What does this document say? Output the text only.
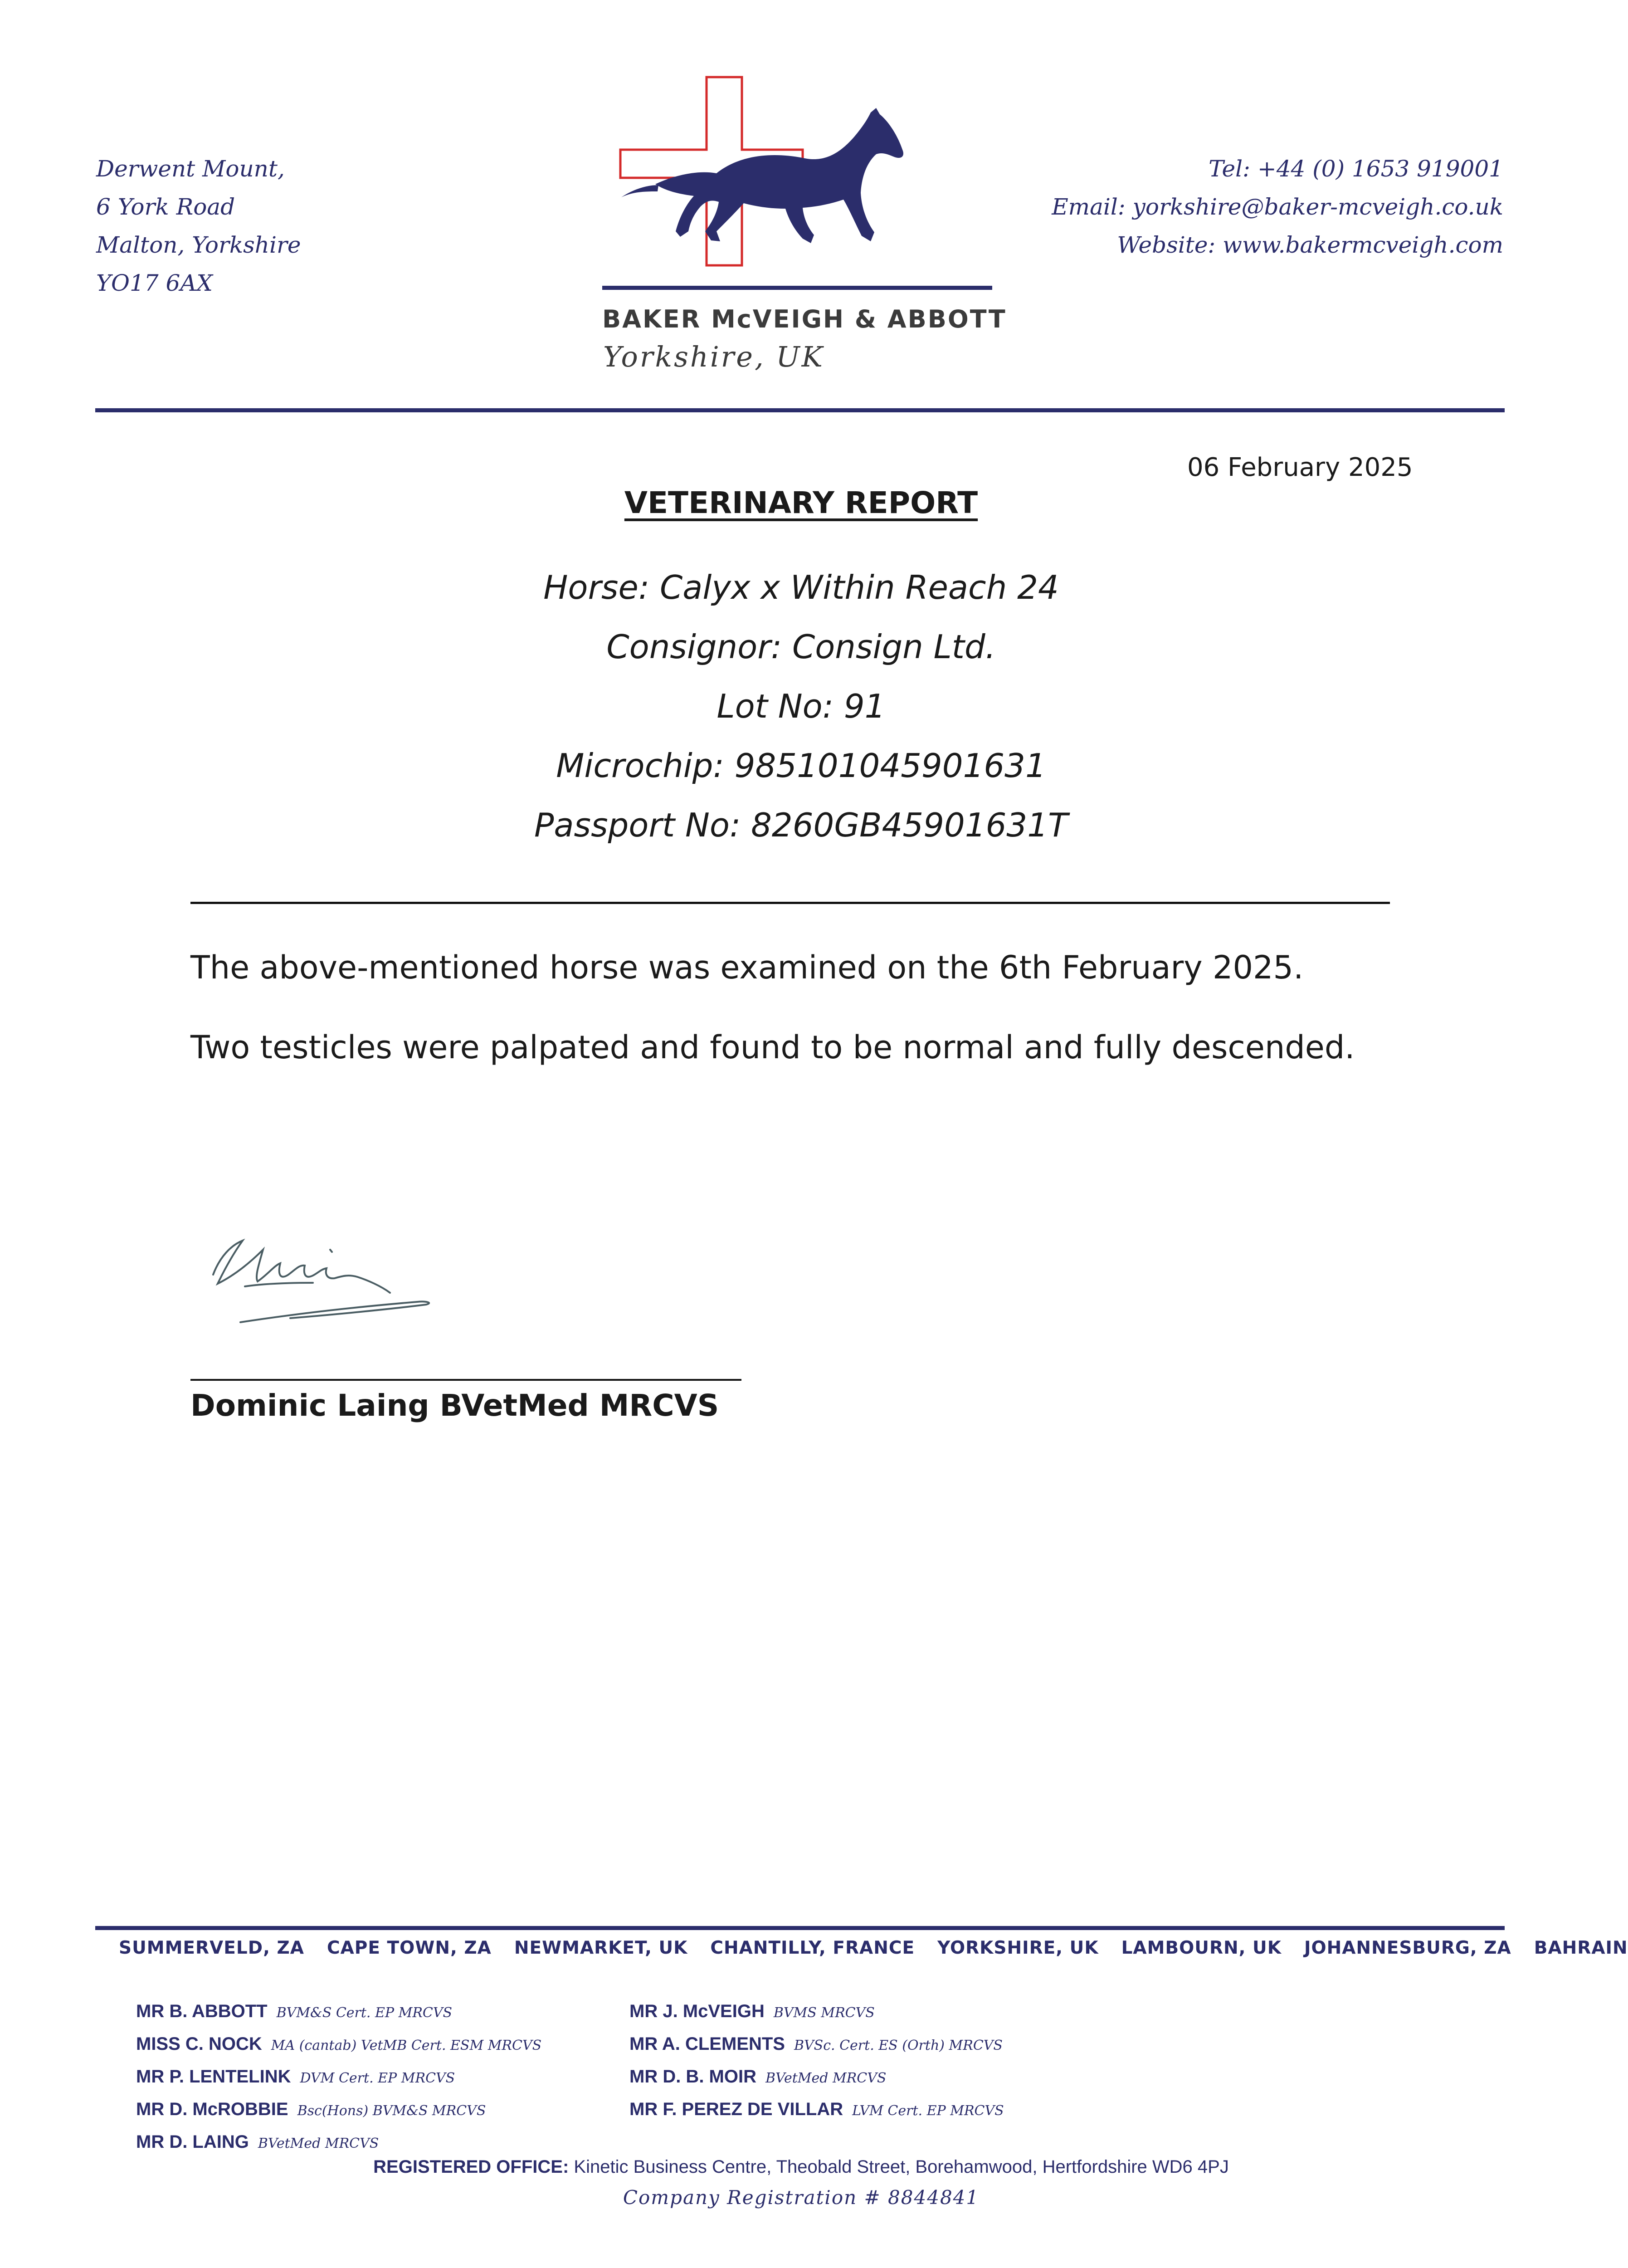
Derwent Mount,
6 York Road
Malton, Yorkshire
YO17 6AX
BAKER McVEIGH & ABBOTT
Yorkshire, UK
Tel: +44 (0) 1653 919001
Email: yorkshire@baker-mcveigh.co.uk
Website: www.bakermcveigh.com
06 February 2025
VETERINARY REPORT
Horse: Calyx x Within Reach 24
Consignor: Consign Ltd.
Lot No: 91
Microchip: 985101045901631
Passport No: 8260GB45901631T
The above-mentioned horse was examined on the 6th February 2025.
Two testicles were palpated and found to be normal and fully descended.
Dominic Laing BVetMed MRCVS
SUMMERVELD, ZA CAPE TOWN, ZA NEWMARKET, UK CHANTILLY, FRANCE YORKSHIRE, UK LAMBOURN, UK JOHANNESBURG, ZA BAHRAIN
MR B. ABBOTT BVM&S Cert. EP MRCVS
MISS C. NOCK MA (cantab) VetMB Cert. ESM MRCVS
MR P. LENTELINK DVM Cert. EP MRCVS
MR D. McROBBIE Bsc(Hons) BVM&S MRCVS
MR D. LAING BVetMed MRCVS
MR J. McVEIGH BVMS MRCVS
MR A. CLEMENTS BVSc. Cert. ES (Orth) MRCVS
MR D. B. MOIR BVetMed MRCVS
MR F. PEREZ DE VILLAR LVM Cert. EP MRCVS
REGISTERED OFFICE: Kinetic Business Centre, Theobald Street, Borehamwood, Hertfordshire WD6 4PJ
Company Registration # 8844841
